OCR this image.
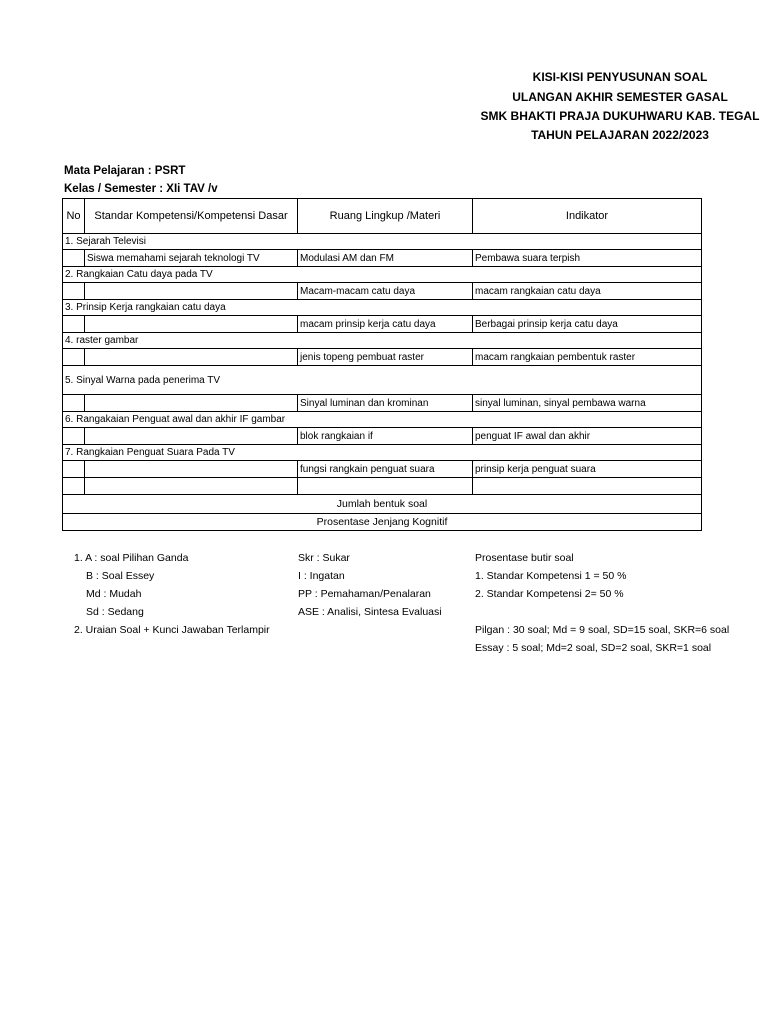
KISI-KISI PENYUSUNAN SOAL
ULANGAN AKHIR SEMESTER GASAL
SMK BHAKTI PRAJA DUKUHWARU KAB. TEGAL
TAHUN PELAJARAN 2022/2023
Mata Pelajaran : PSRT
Kelas / Semester : XIi TAV /v
No	Standar Kompetensi/Kompetensi Dasar	Ruang Lingkup /Materi	Indikator
1. Sejarah Televisi			
	Siswa memahami sejarah teknologi TV	Modulasi AM dan FM	Pembawa suara terpish
2. Rangkaian Catu daya pada TV			
		Macam-macam catu daya	macam rangkaian catu daya
3. Prinsip Kerja rangkaian catu daya			
		macam prinsip kerja catu daya	Berbagai prinsip kerja catu daya
4. raster gambar			
		jenis topeng pembuat raster	macam rangkaian pembentuk raster
5. Sinyal Warna pada penerima TV			
		Sinyal luminan dan krominan	sinyal luminan, sinyal pembawa warna
6. Rangakaian Penguat awal dan akhir IF gambar			
		blok rangkaian if	penguat IF awal dan akhir
7. Rangkaian Penguat Suara Pada TV			
		fungsi rangkain penguat suara	prinsip kerja penguat suara

Jumlah bentuk soal			
Prosentase Jenjang Kognitif			
1. A : soal Pilihan Ganda
B : Soal Essey
Md : Mudah
Sd : Sedang
2. Uraian Soal + Kunci Jawaban Terlampir
Skr : Sukar
I : Ingatan
PP : Pemahaman/Penalaran
ASE : Analisi, Sintesa Evaluasi
Prosentase butir soal
1. Standar Kompetensi 1 = 50 %
2. Standar Kompetensi 2= 50 %
Pilgan : 30 soal; Md = 9 soal, SD=15 soal, SKR=6 soal
Essay : 5 soal; Md=2 soal, SD=2 soal, SKR=1 soal
